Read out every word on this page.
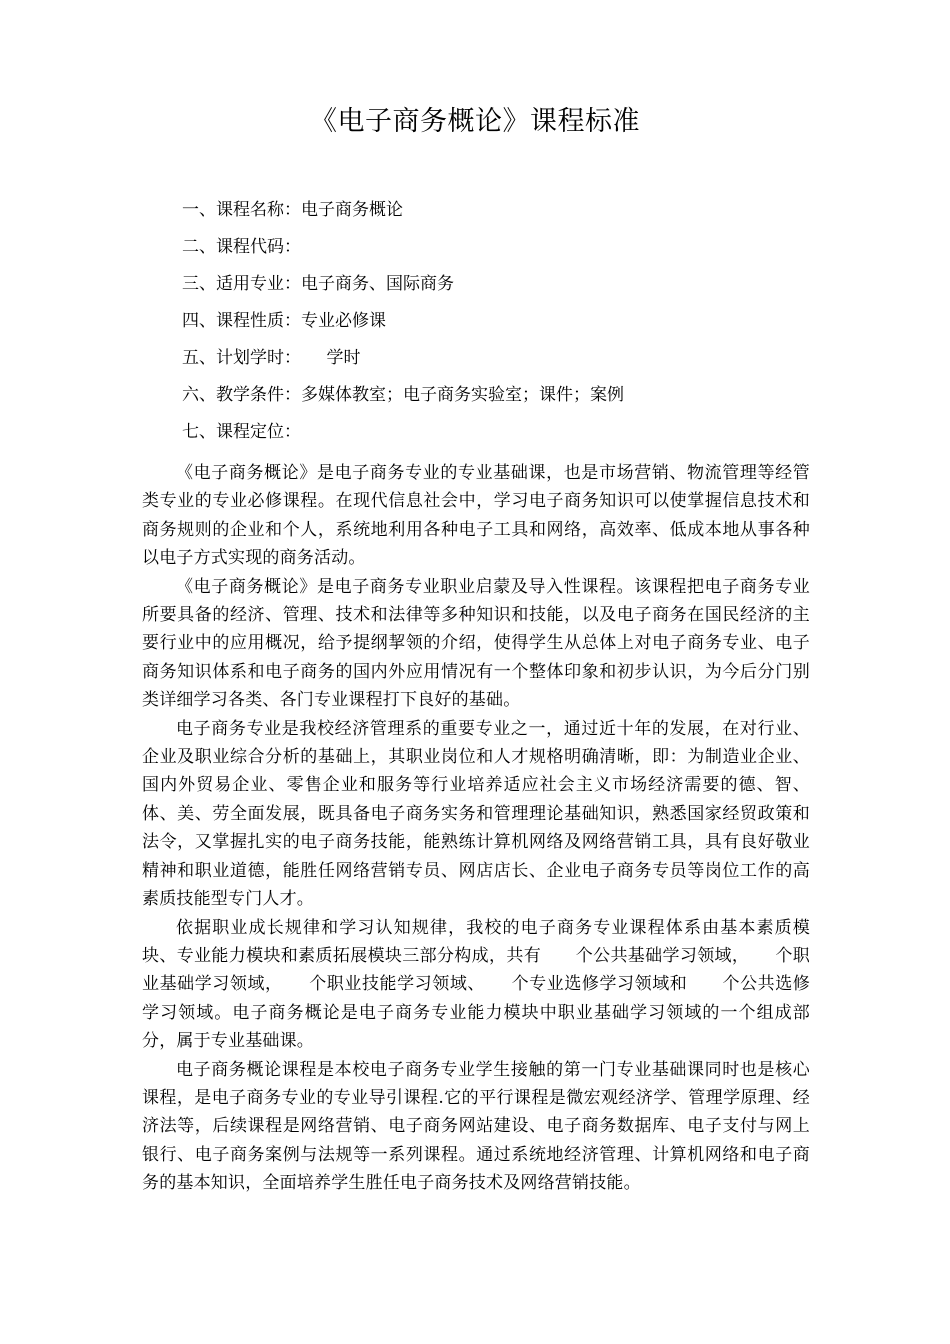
《电子商务概论》课程标准
一、课程名称：电子商务概论
二、课程代码：
三、适用专业：电子商务、国际商务
四、课程性质：专业必修课
五、计划学时：　　学时
六、教学条件：多媒体教室；电子商务实验室；课件；案例
七、课程定位：

《电子商务概论》是电子商务专业的专业基础课，也是市场营销、物流管理等经管类专业的专业必修课程。在现代信息社会中，学习电子商务知识可以使掌握信息技术和商务规则的企业和个人，系统地利用各种电子工具和网络，高效率、低成本地从事各种以电子方式实现的商务活动。

《电子商务概论》是电子商务专业职业启蒙及导入性课程。该课程把电子商务专业所要具备的经济、管理、技术和法律等多种知识和技能，以及电子商务在国民经济的主要行业中的应用概况，给予提纲挈领的介绍，使得学生从总体上对电子商务专业、电子商务知识体系和电子商务的国内外应用情况有一个整体印象和初步认识，为今后分门别类详细学习各类、各门专业课程打下良好的基础。

电子商务专业是我校经济管理系的重要专业之一，通过近十年的发展，在对行业、企业及职业综合分析的基础上，其职业岗位和人才规格明确清晰，即：为制造业企业、国内外贸易企业、零售企业和服务等行业培养适应社会主义市场经济需要的德、智、体、美、劳全面发展，既具备电子商务实务和管理理论基础知识，熟悉国家经贸政策和法令，又掌握扎实的电子商务技能，能熟练计算机网络及网络营销工具，具有良好敬业精神和职业道德，能胜任网络营销专员、网店店长、企业电子商务专员等岗位工作的高素质技能型专门人才。

依据职业成长规律和学习认知规律，我校的电子商务专业课程体系由基本素质模块、专业能力模块和素质拓展模块三部分构成，共有　　个公共基础学习领域，　　个职业基础学习领域，　　个职业技能学习领域、　　个专业选修学习领域和　　个公共选修学习领域。电子商务概论是电子商务专业能力模块中职业基础学习领域的一个组成部分，属于专业基础课。

电子商务概论课程是本校电子商务专业学生接触的第一门专业基础课同时也是核心课程，是电子商务专业的专业导引课程.它的平行课程是微宏观经济学、管理学原理、经济法等，后续课程是网络营销、电子商务网站建设、电子商务数据库、电子支付与网上银行、电子商务案例与法规等一系列课程。通过系统地经济管理、计算机网络和电子商务的基本知识，全面培养学生胜任电子商务技术及网络营销技能。
